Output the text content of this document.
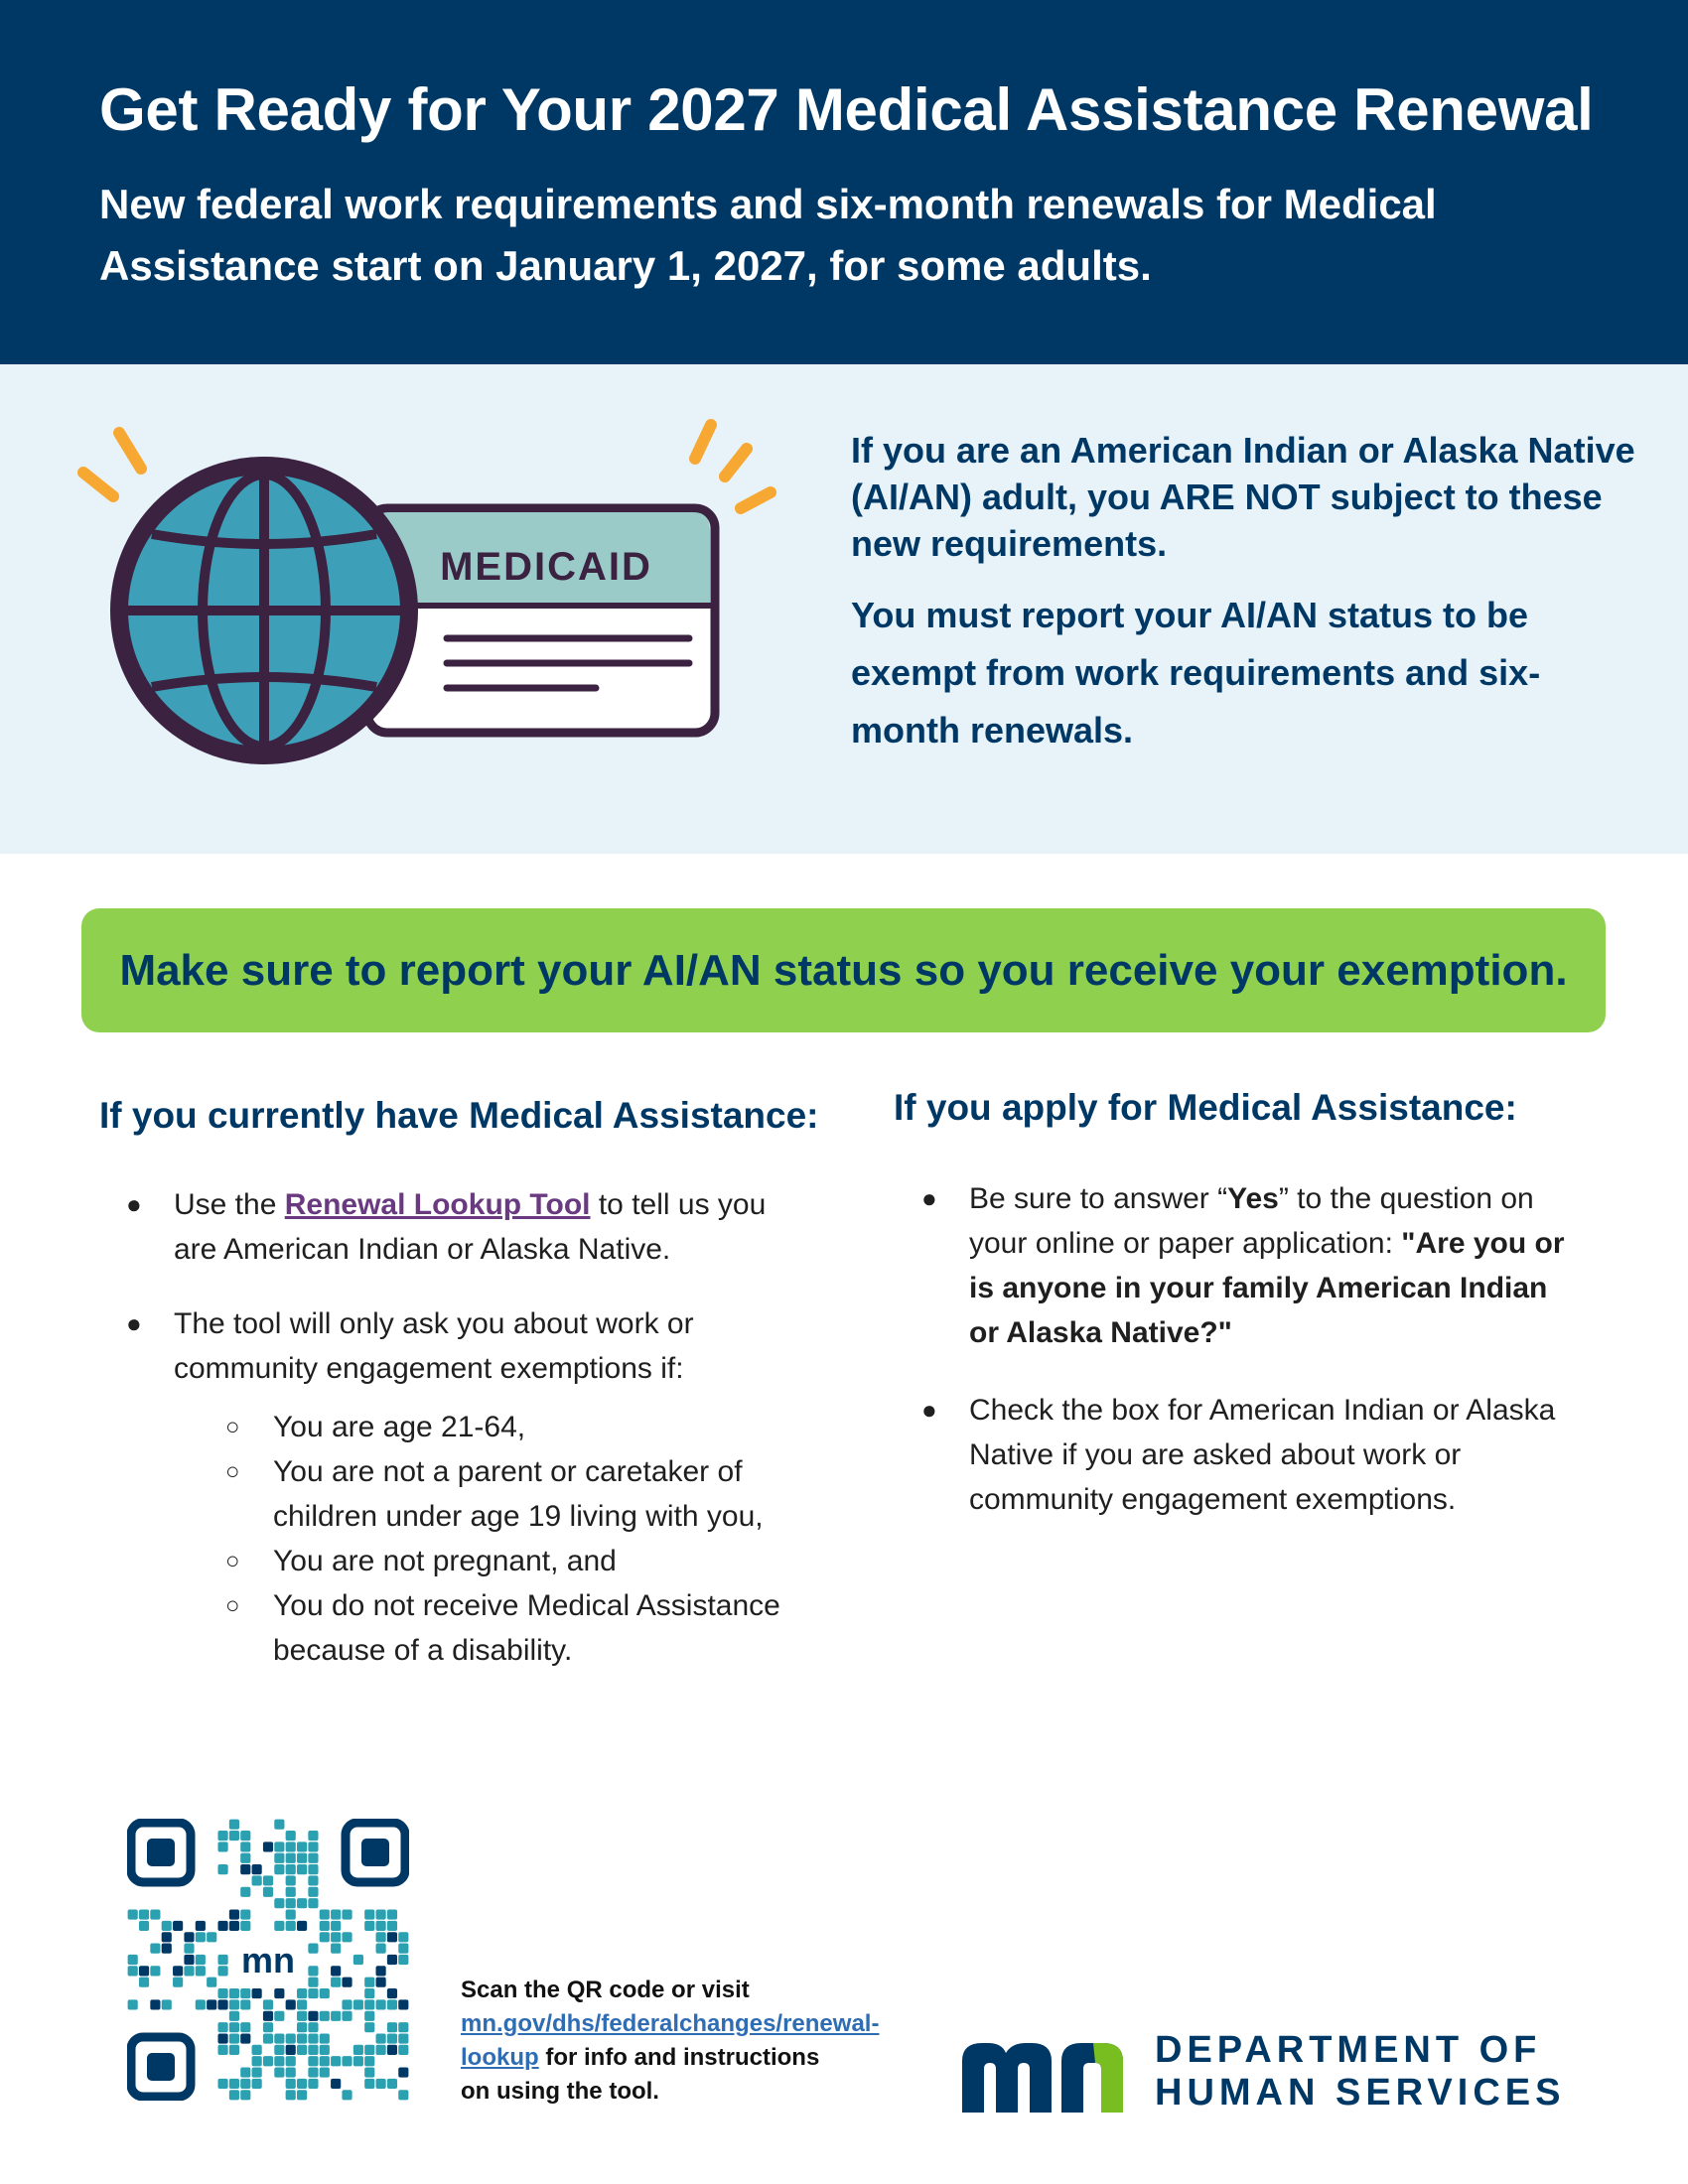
Get Ready for Your 2027 Medical Assistance Renewal

New federal work requirements and six-month renewals for Medical Assistance start on January 1, 2027, for some adults.

MEDICAID

If you are an American Indian or Alaska Native (AI/AN) adult, you ARE NOT subject to these new requirements.

You must report your AI/AN status to be exempt from work requirements and six-month renewals.

Make sure to report your AI/AN status so you receive your exemption.
If you currently have Medical Assistance:
● Use the Renewal Lookup Tool to tell us you are American Indian or Alaska Native.
● The tool will only ask you about work or community engagement exemptions if:
○ You are age 21-64,
○ You are not a parent or caretaker of children under age 19 living with you,
○ You are not pregnant, and
○ You do not receive Medical Assistance because of a disability.
If you apply for Medical Assistance:
● Be sure to answer “Yes” to the question on your online or paper application: "Are you or is anyone in your family American Indian or Alaska Native?"
● Check the box for American Indian or Alaska Native if you are asked about work or community engagement exemptions.
mn
Scan the QR code or visit mn.gov/dhs/federalchanges/renewal-lookup for info and instructions on using the tool.
DEPARTMENT OF
HUMAN SERVICES
